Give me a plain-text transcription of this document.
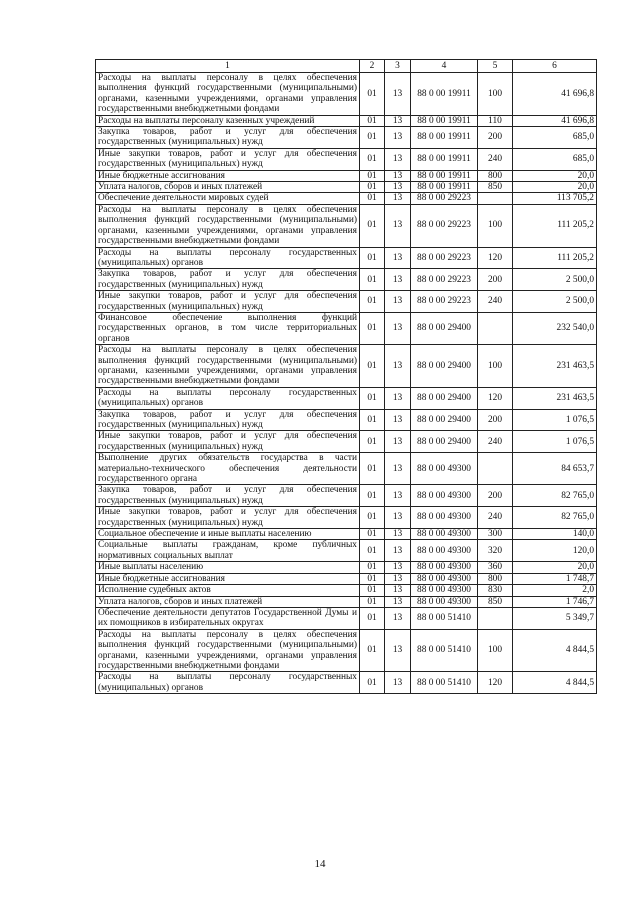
1	2	3	4	5	6
Расходы на выплаты персоналу в целях обеспечения выполнения функций государственными (муниципальными) органами, казенными учреждениями, органами управления государственными внебюджетными фондами	01	13	88 0 00 19911	100	41 696,8
Расходы на выплаты персоналу казенных учреждений	01	13	88 0 00 19911	110	41 696,8
Закупка товаров, работ и услуг для обеспечения государственных (муниципальных) нужд	01	13	88 0 00 19911	200	685,0
Иные закупки товаров, работ и услуг для обеспечения государственных (муниципальных) нужд	01	13	88 0 00 19911	240	685,0
Иные бюджетные ассигнования	01	13	88 0 00 19911	800	20,0
Уплата налогов, сборов и иных платежей	01	13	88 0 00 19911	850	20,0
Обеспечение деятельности мировых судей	01	13	88 0 00 29223		113 705,2
Расходы на выплаты персоналу в целях обеспечения выполнения функций государственными (муниципальными) органами, казенными учреждениями, органами управления государственными внебюджетными фондами	01	13	88 0 00 29223	100	111 205,2
Расходы на выплаты персоналу государственных (муниципальных) органов	01	13	88 0 00 29223	120	111 205,2
Закупка товаров, работ и услуг для обеспечения государственных (муниципальных) нужд	01	13	88 0 00 29223	200	2 500,0
Иные закупки товаров, работ и услуг для обеспечения государственных (муниципальных) нужд	01	13	88 0 00 29223	240	2 500,0
Финансовое обеспечение выполнения функций государственных органов, в том числе территориальных органов	01	13	88 0 00 29400		232 540,0
Расходы на выплаты персоналу в целях обеспечения выполнения функций государственными (муниципальными) органами, казенными учреждениями, органами управления государственными внебюджетными фондами	01	13	88 0 00 29400	100	231 463,5
Расходы на выплаты персоналу государственных (муниципальных) органов	01	13	88 0 00 29400	120	231 463,5
Закупка товаров, работ и услуг для обеспечения государственных (муниципальных) нужд	01	13	88 0 00 29400	200	1 076,5
Иные закупки товаров, работ и услуг для обеспечения государственных (муниципальных) нужд	01	13	88 0 00 29400	240	1 076,5
Выполнение других обязательств государства в части материально-технического обеспечения деятельности государственного органа	01	13	88 0 00 49300		84 653,7
Закупка товаров, работ и услуг для обеспечения государственных (муниципальных) нужд	01	13	88 0 00 49300	200	82 765,0
Иные закупки товаров, работ и услуг для обеспечения государственных (муниципальных) нужд	01	13	88 0 00 49300	240	82 765,0
Социальное обеспечение и иные выплаты населению	01	13	88 0 00 49300	300	140,0
Социальные выплаты гражданам, кроме публичных нормативных социальных выплат	01	13	88 0 00 49300	320	120,0
Иные выплаты населению	01	13	88 0 00 49300	360	20,0
Иные бюджетные ассигнования	01	13	88 0 00 49300	800	1 748,7
Исполнение судебных актов	01	13	88 0 00 49300	830	2,0
Уплата налогов, сборов и иных платежей	01	13	88 0 00 49300	850	1 746,7
Обеспечение деятельности депутатов Государственной Думы и их помощников в избирательных округах	01	13	88 0 00 51410		5 349,7
Расходы на выплаты персоналу в целях обеспечения выполнения функций государственными (муниципальными) органами, казенными учреждениями, органами управления государственными внебюджетными фондами	01	13	88 0 00 51410	100	4 844,5
Расходы на выплаты персоналу государственных (муниципальных) органов	01	13	88 0 00 51410	120	4 844,5
14
